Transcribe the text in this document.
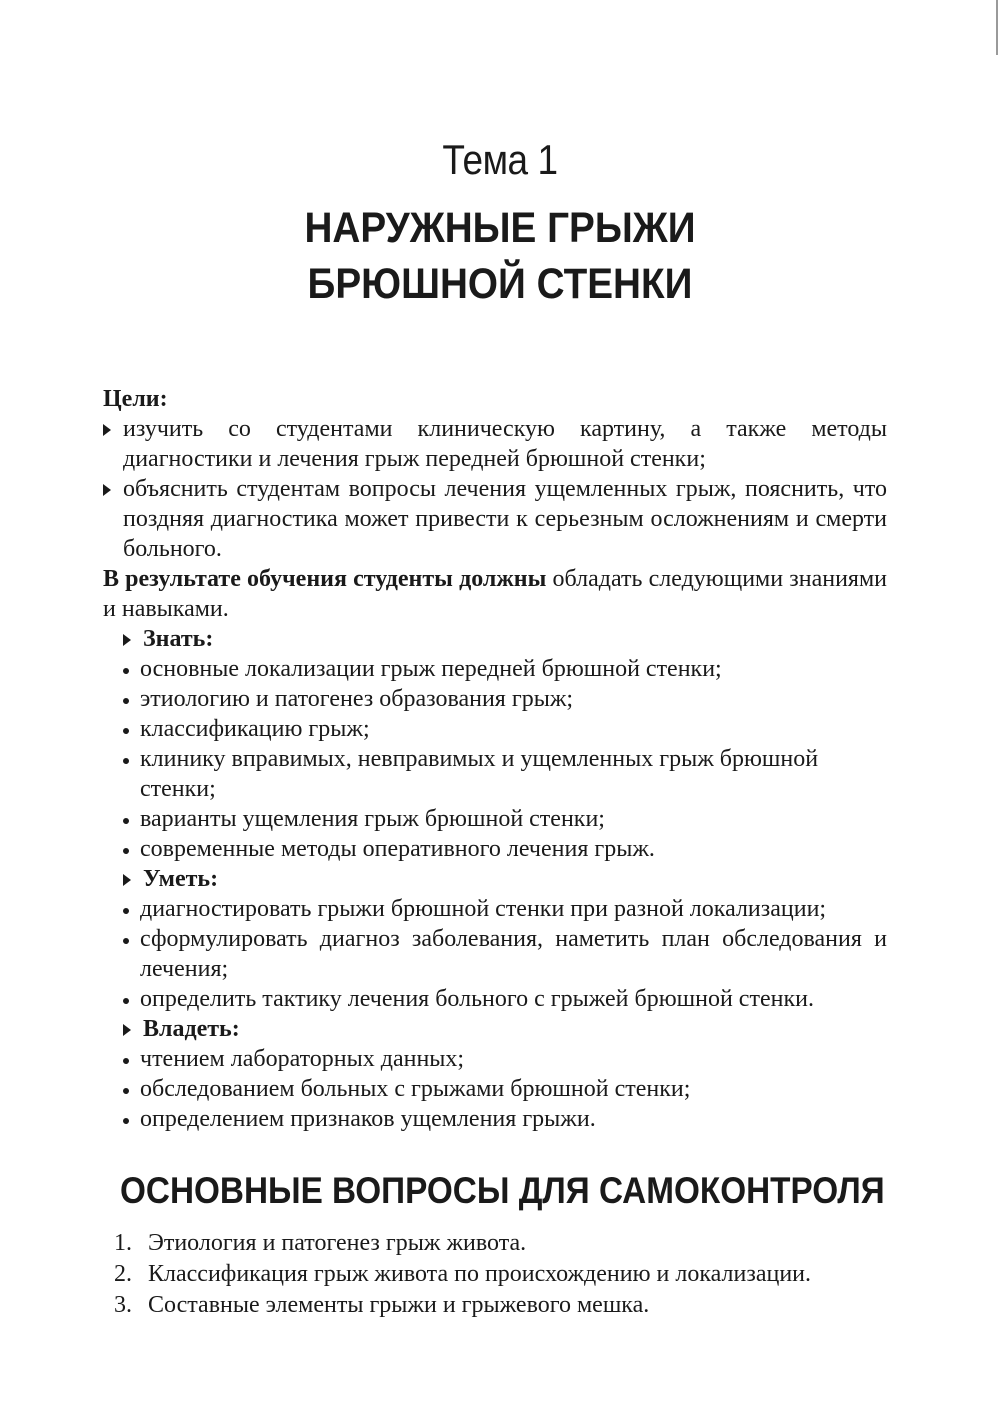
Тема 1
НАРУЖНЫЕ ГРЫЖИ
БРЮШНОЙ СТЕНКИ
Цели:
изучить со студентами клиническую картину, а также методы диагностики и лечения грыж передней брюшной стенки;
объяснить студентам вопросы лечения ущемленных грыж, пояснить, что поздняя диагностика может привести к серьезным осложнениям и смерти больного.
В результате обучения студенты должны обладать следующими знаниями и навыками.
Знать:
основные локализации грыж передней брюшной стенки;
этиологию и патогенез образования грыж;
классификацию грыж;
клинику вправимых, невправимых и ущемленных грыж брюшной стенки;
варианты ущемления грыж брюшной стенки;
современные методы оперативного лечения грыж.
Уметь:
диагностировать грыжи брюшной стенки при разной локализации;
сформулировать диагноз заболевания, наметить план обследования и лечения;
определить тактику лечения больного с грыжей брюшной стенки.
Владеть:
чтением лабораторных данных;
обследованием больных с грыжами брюшной стенки;
определением признаков ущемления грыжи.
ОСНОВНЫЕ ВОПРОСЫ ДЛЯ САМОКОНТРОЛЯ
1. Этиология и патогенез грыж живота.
2. Классификация грыж живота по происхождению и локализации.
3. Составные элементы грыжи и грыжевого мешка.
